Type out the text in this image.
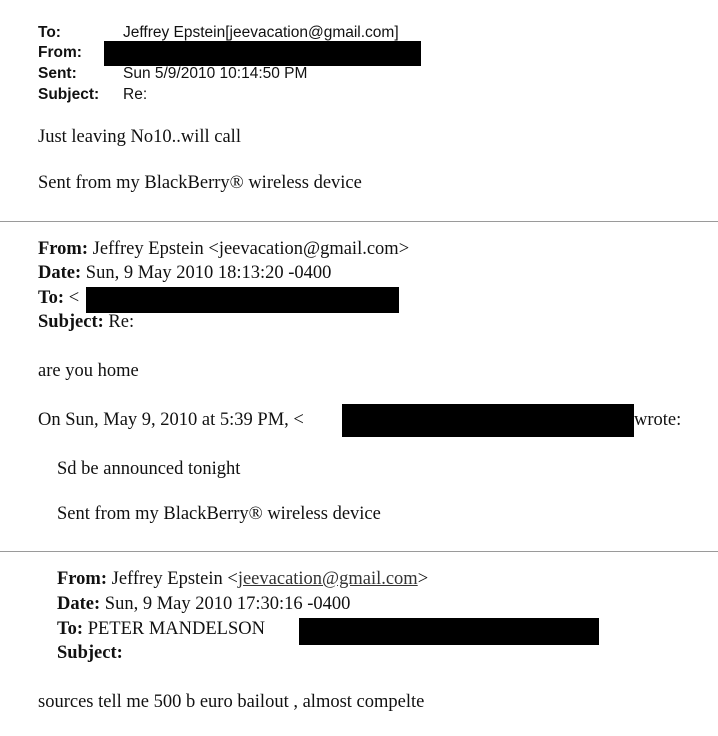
To:	Jeffrey Epstein[jeevacation@gmail.com]
From:
Sent:	Sun 5/9/2010 10:14:50 PM
Subject: Re:
Just leaving No10..will call
Sent from my BlackBerry® wireless device
From: Jeffrey Epstein <jeevacation@gmail.com>
Date: Sun, 9 May 2010 18:13:20 -0400
To: <
Subject: Re:
are you home
On Sun, May 9, 2010 at 5:39 PM, <	wrote:
Sd be announced tonight
Sent from my BlackBerry® wireless device
From: Jeffrey Epstein <jeevacation@gmail.com>
Date: Sun, 9 May 2010 17:30:16 -0400
To: PETER MANDELSON
Subject:
sources tell me 500 b euro bailout , almost compelte
